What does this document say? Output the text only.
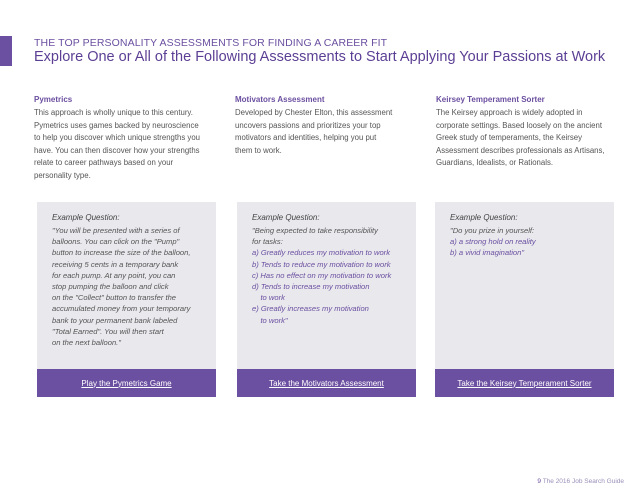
THE TOP PERSONALITY ASSESSMENTS FOR FINDING A CAREER FIT
Explore One or All of the Following Assessments to Start Applying Your Passions at Work
Pymetrics

This approach is wholly unique to this century.
Pymetrics uses games backed by neuroscience
to help you discover which unique strengths you
have. You can then discover how your strengths
relate to career pathways based on your
personality type.

Motivators Assessment

Developed by Chester Elton, this assessment
uncovers passions and prioritizes your top
motivators and identities, helping you put
them to work.

Keirsey Temperament Sorter

The Keirsey approach is widely adopted in
corporate settings. Based loosely on the ancient
Greek study of temperaments, the Keirsey
Assessment describes professionals as Artisans,
Guardians, Idealists, or Rationals.

Example Question:
"You will be presented with a series of
balloons. You can click on the "Pump"
button to increase the size of the balloon,
receiving 5 cents in a temporary bank
for each pump. At any point, you can
stop pumping the balloon and click
on the "Collect" button to transfer the
accumulated money from your temporary
bank to your permanent bank labeled
"Total Earned". You will then start
on the next balloon."
Play the Pymetrics Game
Example Question:
"Being expected to take responsibility
for tasks:
a) Greatly reduces my motivation to work
b) Tends to reduce my motivation to work
c) Has no effect on my motivation to work
d) Tends to increase my motivation
to work
e) Greatly increases my motivation
to work"
Take the Motivators Assessment
Example Question:
"Do you prize in yourself:
a) a strong hold on reality
b) a vivid imagination"
Take the Keirsey Temperament Sorter
9 The 2016 Job Search Guide
